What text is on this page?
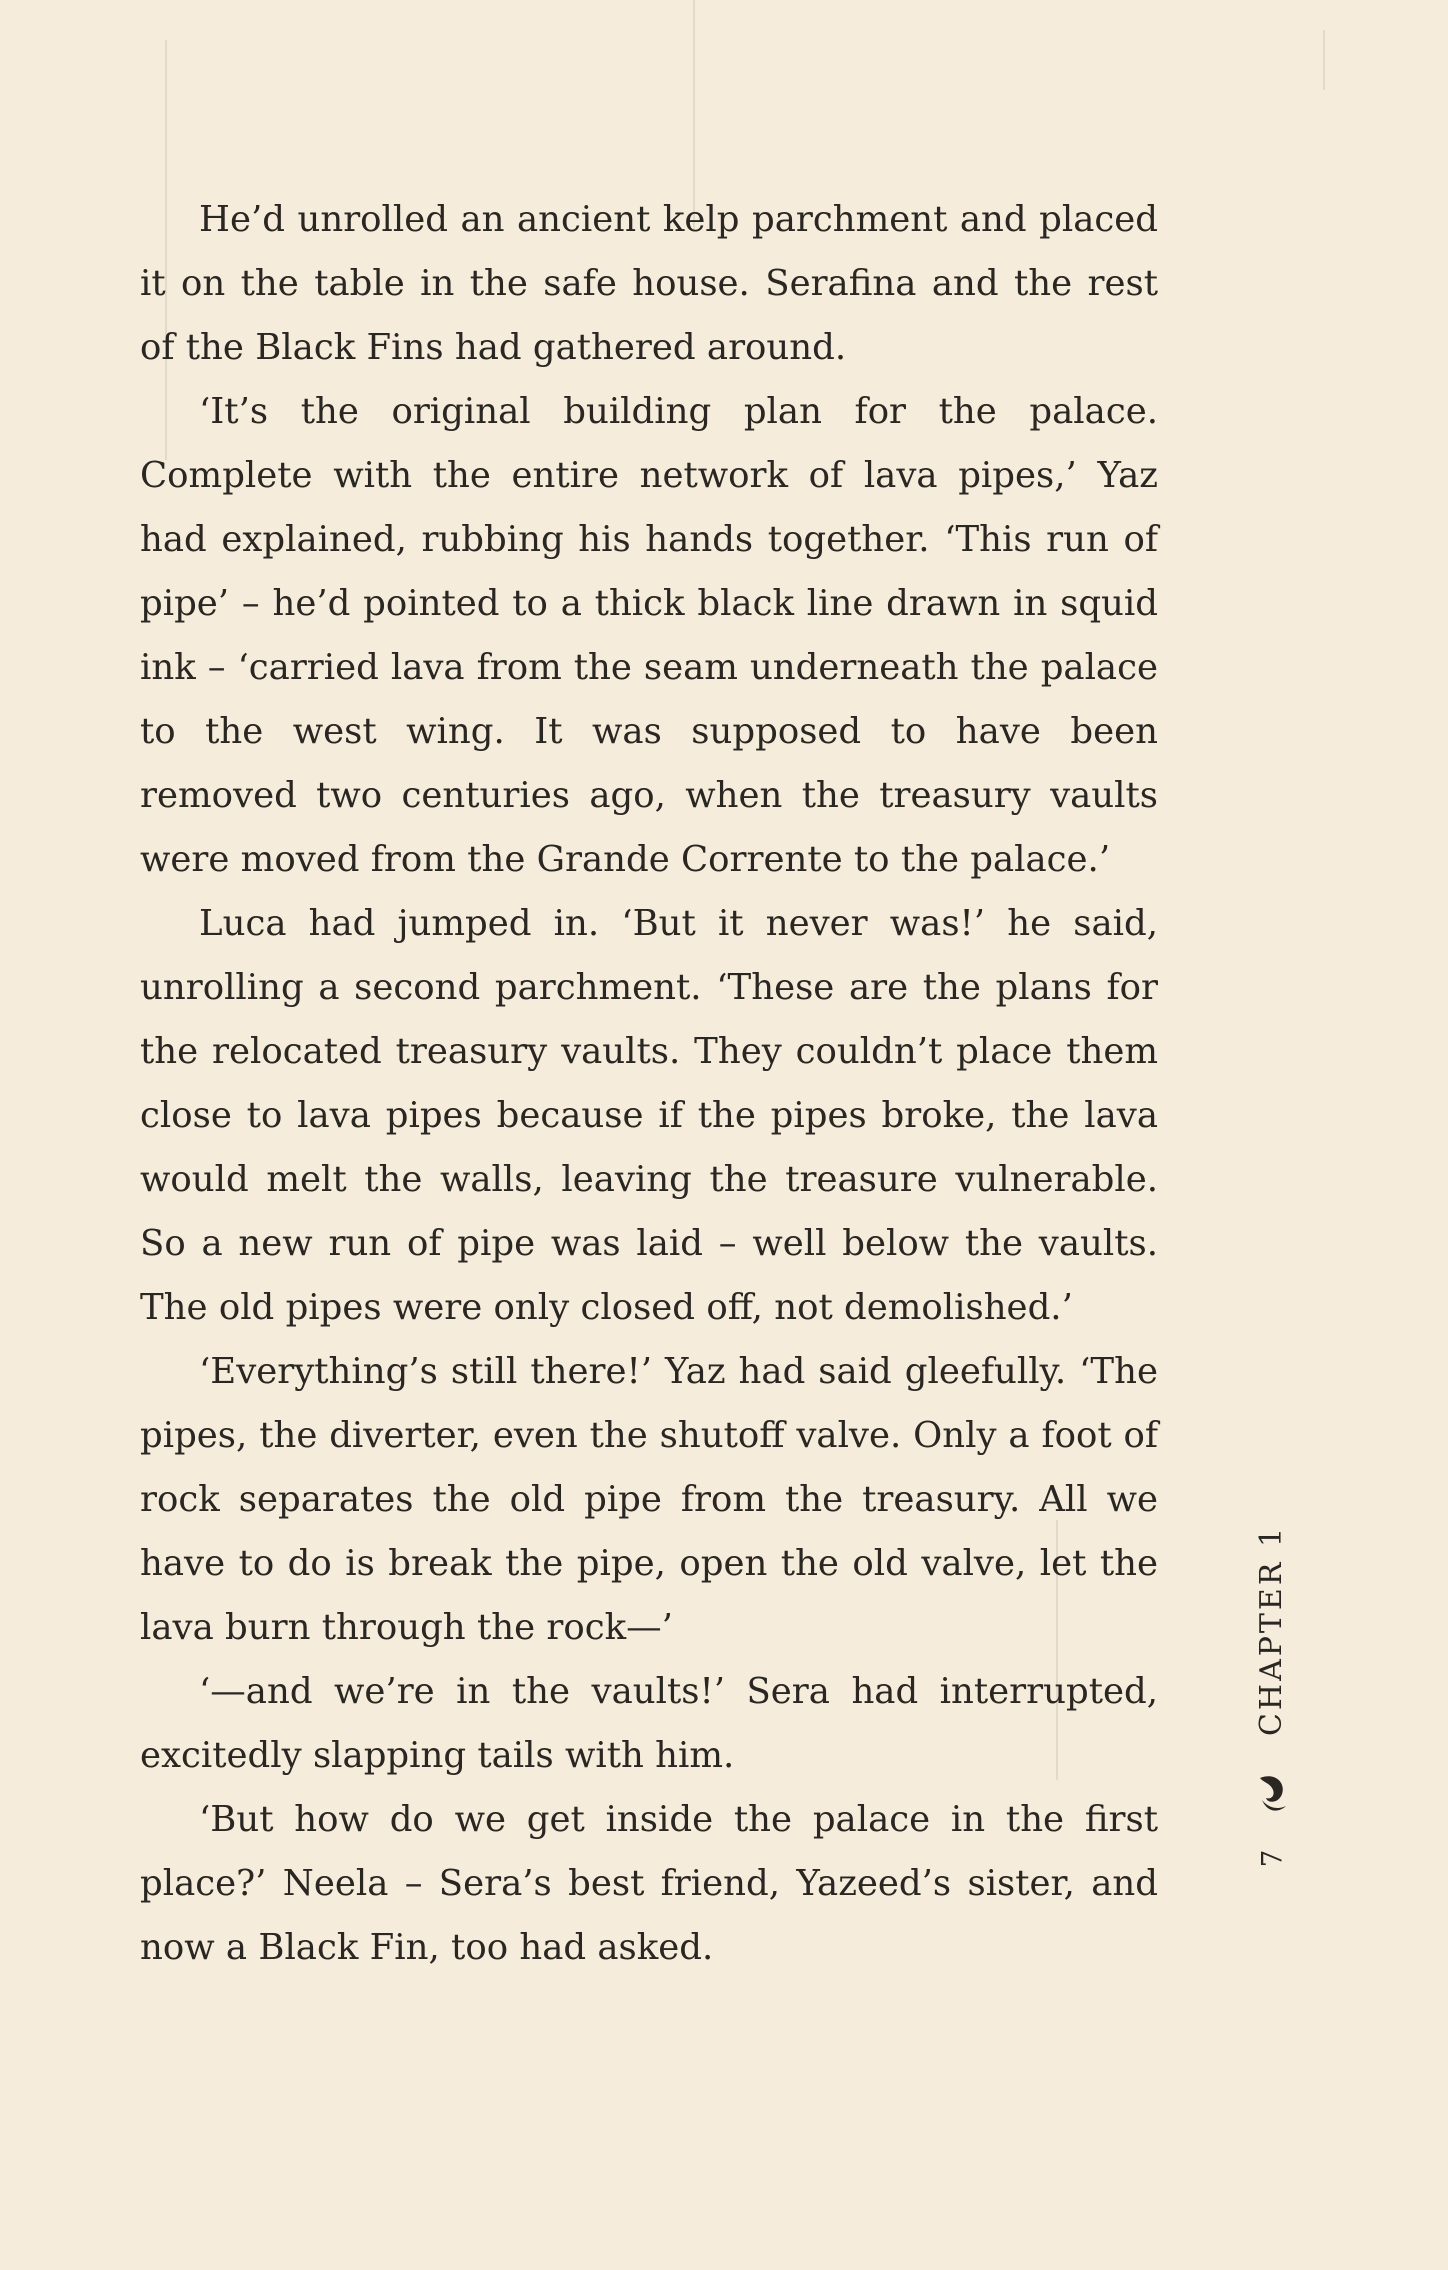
He’d unrolled an ancient kelp parchment and placed it on the table in the safe house. Serafina and the rest of the Black Fins had gathered around.

‘It’s the original building plan for the palace. Complete with the entire network of lava pipes,’ Yaz had explained, rubbing his hands together. ‘This run of pipe’ – he’d pointed to a thick black line drawn in squid ink – ‘carried lava from the seam underneath the palace to the west wing. It was supposed to have been removed two centuries ago, when the treasury vaults were moved from the Grande Corrente to the palace.’

Luca had jumped in. ‘But it never was!’ he said, unrolling a second parchment. ‘These are the plans for the relocated treasury vaults. They couldn’t place them close to lava pipes because if the pipes broke, the lava would melt the walls, leaving the treasure vulnerable. So a new run of pipe was laid – well below the vaults. The old pipes were only closed off, not demolished.’

‘Everything’s still there!’ Yaz had said gleefully. ‘The pipes, the diverter, even the shutoff valve. Only a foot of rock separates the old pipe from the treasury. All we have to do is break the pipe, open the old valve, let the lava burn through the rock—’

‘—and we’re in the vaults!’ Sera had interrupted, excitedly slapping tails with him.

‘But how do we get inside the palace in the first place?’ Neela – Sera’s best friend, Yazeed’s sister, and now a Black Fin, too had asked.

CHAPTER 1
7
